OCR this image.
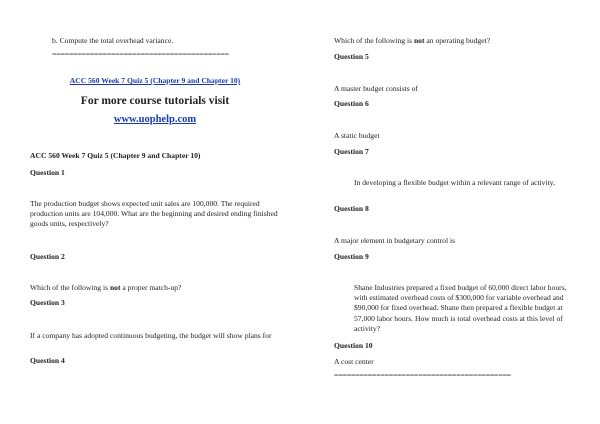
b. Compute the total overhead variance.

==========================================

ACC 560 Week 7 Quiz 5 (Chapter 9 and Chapter 10)

For more course tutorials visit

www.uophelp.com

ACC 560 Week 7 Quiz 5 (Chapter 9 and Chapter 10)

Question 1

The production budget shows expected unit sales are 100,000. The required production units are 104,000. What are the beginning and desired ending finished goods units, respectively?

Question 2

Which of the following is not a proper match-up?

Question 3

If a company has adopted continuous budgeting, the budget will show plans for

Question 4

Which of the following is not an operating budget?

Question 5

A master budget consists of

Question 6

A static budget

Question 7

In developing a flexible budget within a relevant range of activity,

Question 8

A major element in budgetary control is

Question 9

Shane Industries prepared a fixed budget of 60,000 direct labor hours, with estimated overhead costs of $300,000 for variable overhead and $90,000 for fixed overhead. Shane then prepared a flexible budget at 57,000 labor hours. How much is total overhead costs at this level of activity?

Question 10

A cost center

==========================================
